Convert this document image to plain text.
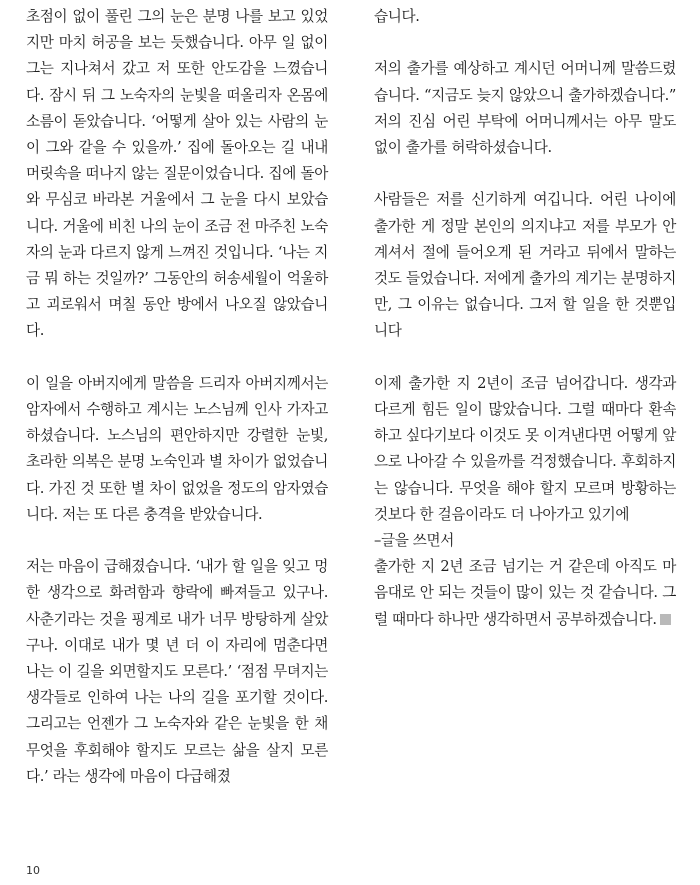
초점이 없이 풀린 그의 눈은 분명 나를 보고 있었지만 마치 허공을 보는 듯했습니다. 아무 일 없이 그는 지나쳐서 갔고 저 또한 안도감을 느꼈습니다. 잠시 뒤 그 노숙자의 눈빛을 떠올리자 온몸에 소름이 돋았습니다. ‘어떻게 살아 있는 사람의 눈이 그와 같을 수 있을까.’ 집에 돌아오는 길 내내 머릿속을 떠나지 않는 질문이었습니다. 집에 돌아와 무심코 바라본 거울에서 그 눈을 다시 보았습니다. 거울에 비친 나의 눈이 조금 전 마주친 노숙자의 눈과 다르지 않게 느껴진 것입니다. ‘나는 지금 뭐 하는 것일까?’ 그동안의 허송세월이 억울하고 괴로워서 며칠 동안 방에서 나오질 않았습니다.

이 일을 아버지에게 말씀을 드리자 아버지께서는 암자에서 수행하고 계시는 노스님께 인사 가자고 하셨습니다. 노스님의 편안하지만 강렬한 눈빛, 초라한 의복은 분명 노숙인과 별 차이가 없었습니다. 가진 것 또한 별 차이 없었을 정도의 암자였습니다. 저는 또 다른 충격을 받았습니다.

저는 마음이 급해졌습니다. ‘내가 할 일을 잊고 멍한 생각으로 화려함과 향락에 빠져들고 있구나. 사춘기라는 것을 핑계로 내가 너무 방탕하게 살았구나. 이대로 내가 몇 년 더 이 자리에 멈춘다면 나는 이 길을 외면할지도 모른다.’ ‘점점 무뎌지는 생각들로 인하여 나는 나의 길을 포기할 것이다. 그리고는 언젠가 그 노숙자와 같은 눈빛을 한 채 무엇을 후회해야 할지도 모르는 삶을 살지 모른다.’ 라는 생각에 마음이 다급해졌

습니다.

저의 출가를 예상하고 계시던 어머니께 말씀드렸습니다. “지금도 늦지 않았으니 출가하겠습니다.” 저의 진심 어린 부탁에 어머니께서는 아무 말도 없이 출가를 허락하셨습니다.

사람들은 저를 신기하게 여깁니다. 어린 나이에 출가한 게 정말 본인의 의지냐고 저를 부모가 안 계셔서 절에 들어오게 된 거라고 뒤에서 말하는 것도 들었습니다. 저에게 출가의 계기는 분명하지만, 그 이유는 없습니다. 그저 할 일을 한 것뿐입니다

이제 출가한 지 2년이 조금 넘어갑니다. 생각과 다르게 힘든 일이 많았습니다. 그럴 때마다 환속하고 싶다기보다 이것도 못 이겨낸다면 어떻게 앞으로 나아갈 수 있을까를 걱정했습니다. 후회하지는 않습니다. 무엇을 해야 할지 모르며 방황하는 것보다 한 걸음이라도 더 나아가고 있기에

–글을 쓰면서

출가한 지 2년 조금 넘기는 거 같은데 아직도 마음대로 안 되는 것들이 많이 있는 것 같습니다. 그럴 때마다 하나만 생각하면서 공부하겠습니다.

10
